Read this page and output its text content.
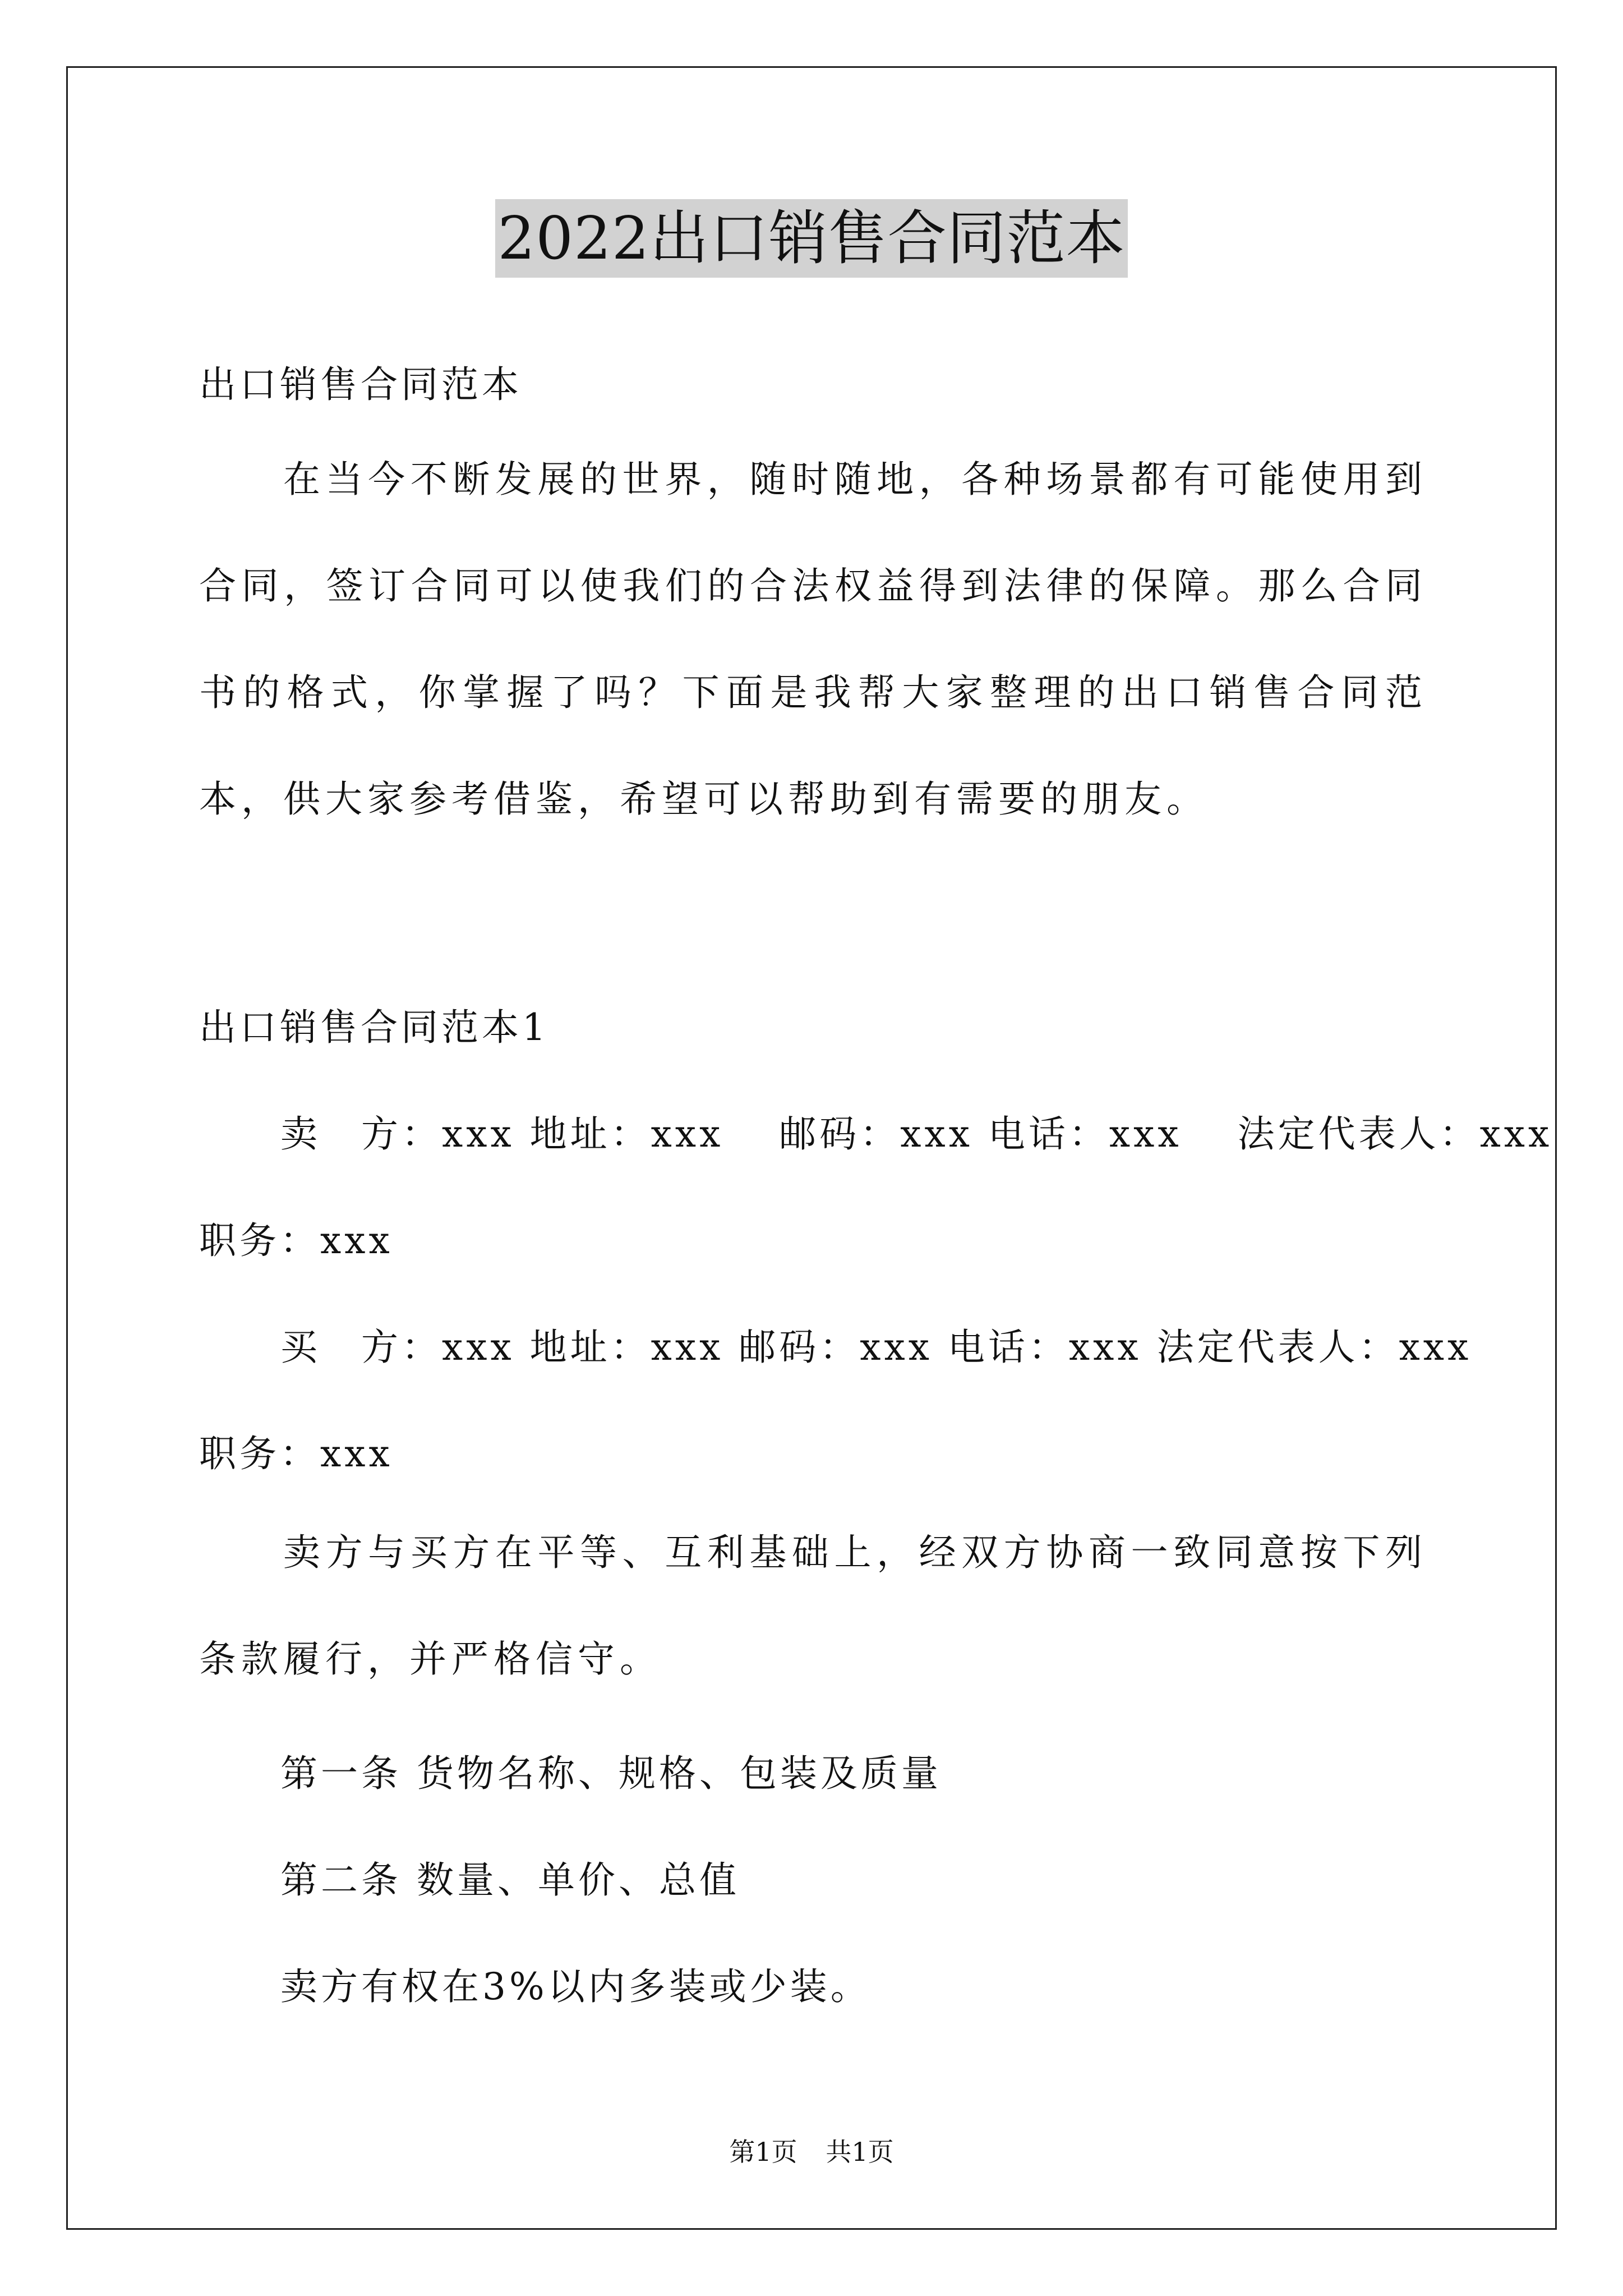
2022出口销售合同范本
出口销售合同范本
在当今不断发展的世界，随时随地，各种场景都有可能使用到合同，签订合同可以使我们的合法权益得到法律的保障。那么合同书的格式，你掌握了吗？下面是我帮大家整理的出口销售合同范本，供大家参考借鉴，希望可以帮助到有需要的朋友。
出口销售合同范本1
卖　方：xxx 地址：xxx　 邮码：xxx 电话：xxx　 法定代表人：xxx
职务：xxx
买　方：xxx 地址：xxx 邮码：xxx 电话：xxx 法定代表人：xxx
职务：xxx
卖方与买方在平等、互利基础上，经双方协商一致同意按下列条款履行，并严格信守。
第一条 货物名称、规格、包装及质量
第二条 数量、单价、总值
卖方有权在3%以内多装或少装。
第1页 共1页
